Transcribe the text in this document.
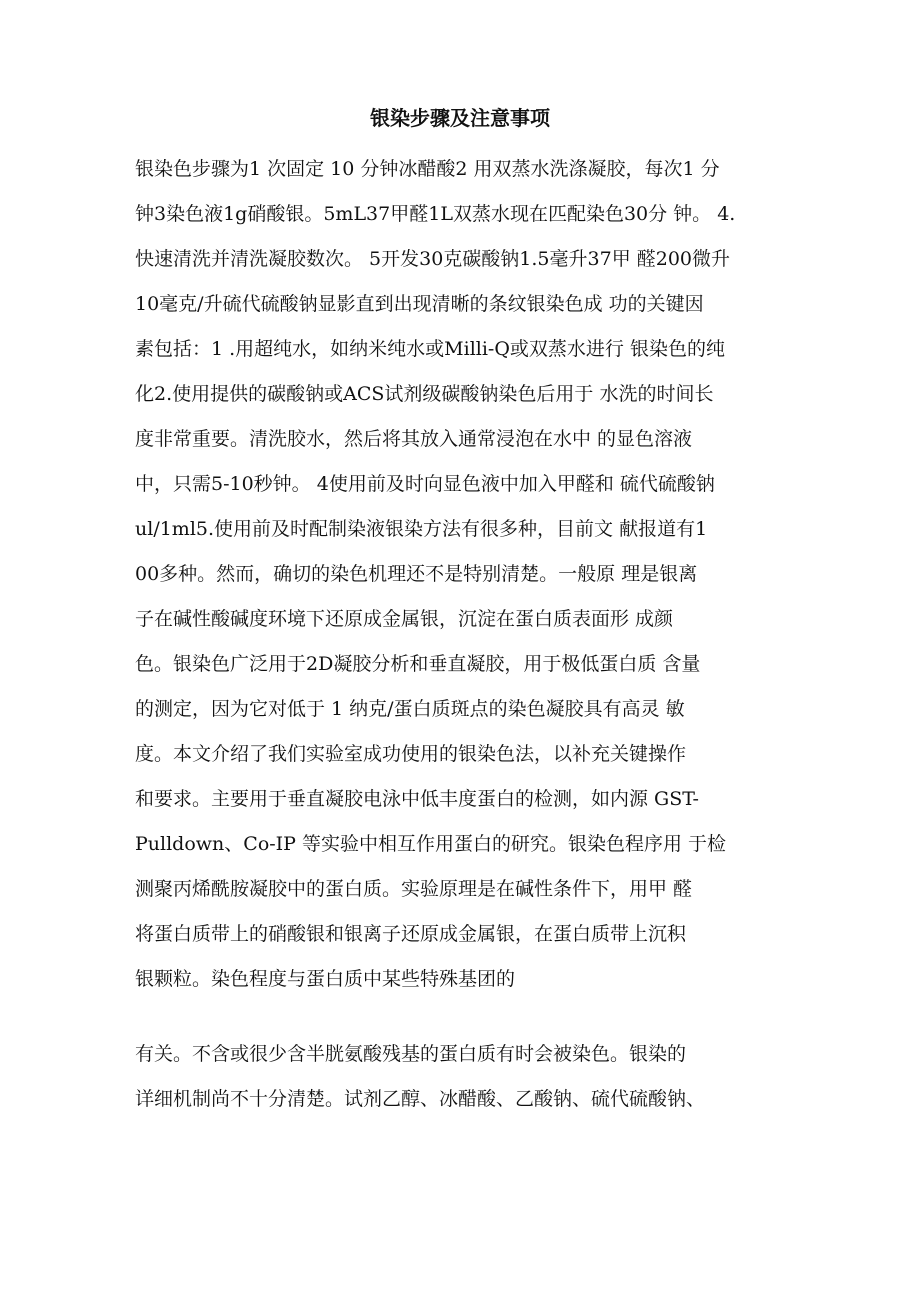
银染步骤及注意事项
银染色步骤为1 次固定 10 分钟冰醋酸2 用双蒸水洗涤凝胶，每次1 分
钟3染色液1g硝酸银。5mL37甲醛1L双蒸水现在匹配染色30分 钟。 4.
快速清洗并清洗凝胶数次。 5开发30克碳酸钠1.5毫升37甲 醛200微升
10毫克/升硫代硫酸钠显影直到出现清晰的条纹银染色成 功的关键因
素包括：1 .用超纯水，如纳米纯水或Milli-Q或双蒸水进行 银染色的纯
化2.使用提供的碳酸钠或ACS试剂级碳酸钠染色后用于 水洗的时间长
度非常重要。清洗胶水，然后将其放入通常浸泡在水中 的显色溶液
中，只需5-10秒钟。 4使用前及时向显色液中加入甲醛和 硫代硫酸钠
ul/1ml5.使用前及时配制染液银染方法有很多种，目前文 献报道有1
00多种。然而，确切的染色机理还不是特别清楚。一般原 理是银离
子在碱性酸碱度环境下还原成金属银，沉淀在蛋白质表面形 成颜
色。银染色广泛用于2D凝胶分析和垂直凝胶，用于极低蛋白质 含量
的测定，因为它对低于 1 纳克/蛋白质斑点的染色凝胶具有高灵 敏
度。本文介绍了我们实验室成功使用的银染色法，以补充关键操作
和要求。主要用于垂直凝胶电泳中低丰度蛋白的检测，如内源 GST-
Pulldown、Co-IP 等实验中相互作用蛋白的研究。银染色程序用 于检
测聚丙烯酰胺凝胶中的蛋白质。实验原理是在碱性条件下，用甲 醛
将蛋白质带上的硝酸银和银离子还原成金属银，在蛋白质带上沉积
银颗粒。染色程度与蛋白质中某些特殊基团的
有关。不含或很少含半胱氨酸残基的蛋白质有时会被染色。银染的
详细机制尚不十分清楚。试剂乙醇、冰醋酸、乙酸钠、硫代硫酸钠、
